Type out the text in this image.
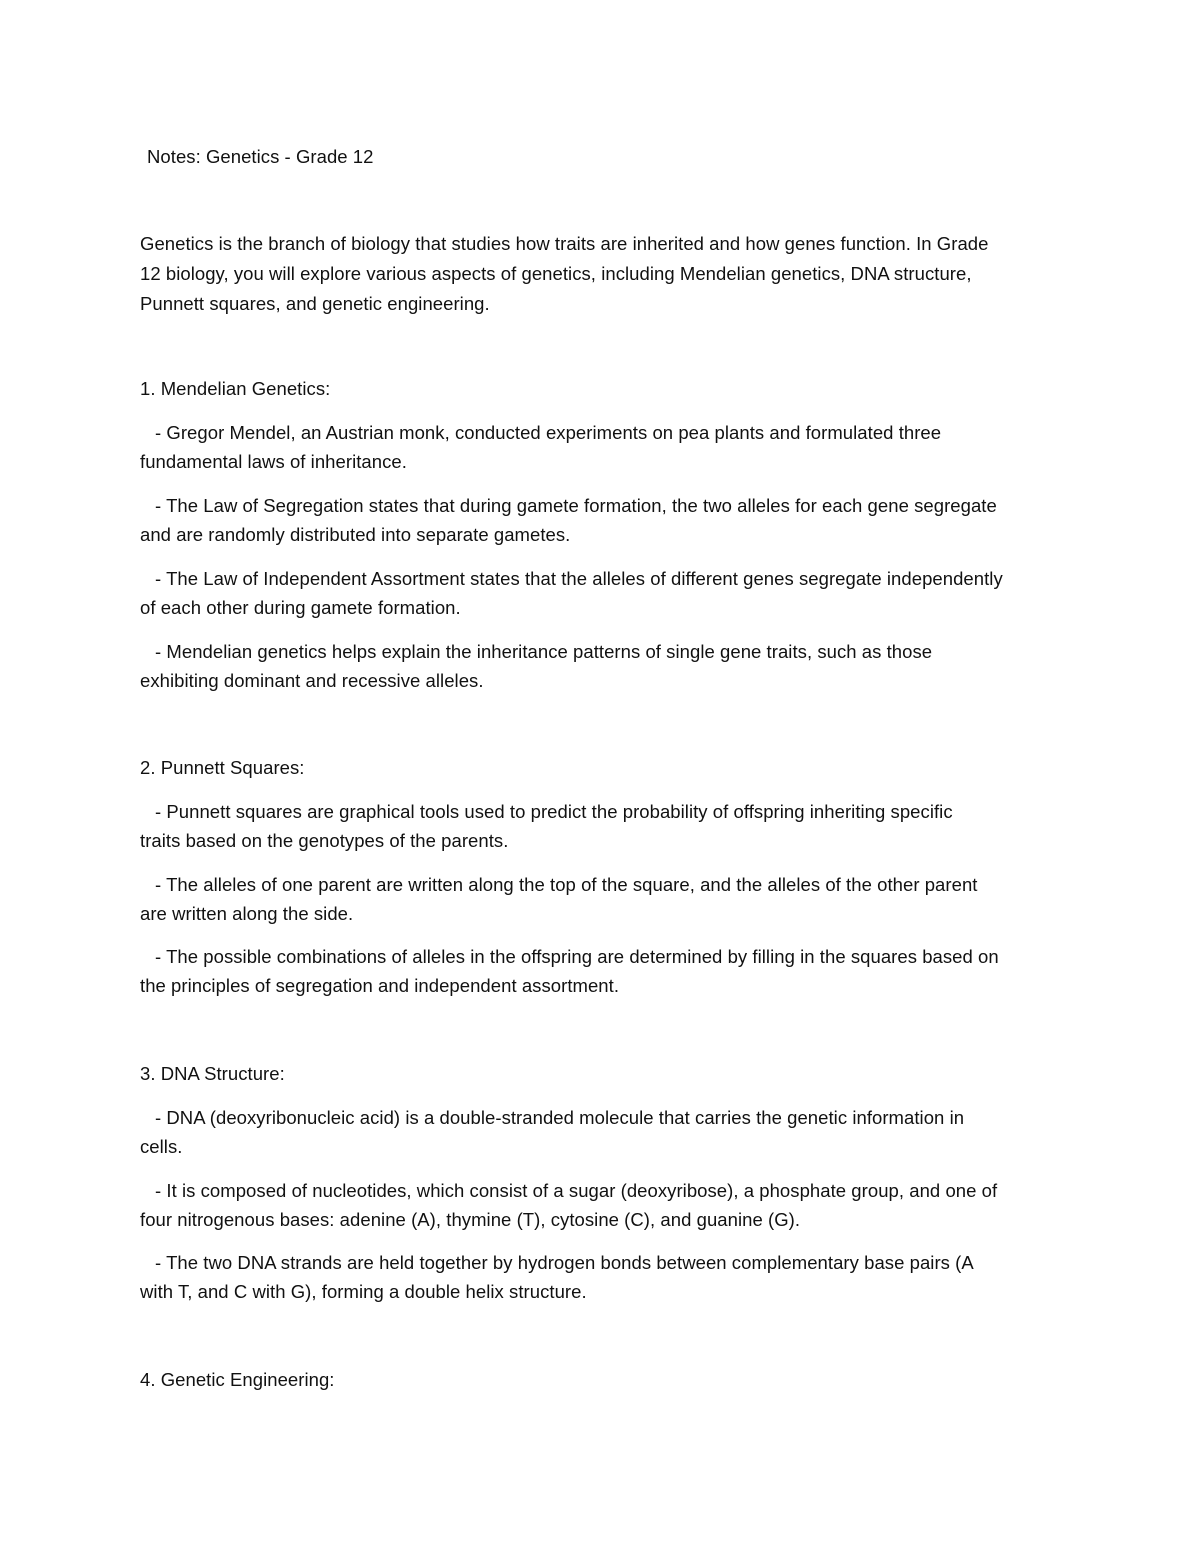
Notes: Genetics - Grade 12
Genetics is the branch of biology that studies how traits are inherited and how genes function. In Grade
12 biology, you will explore various aspects of genetics, including Mendelian genetics, DNA structure,
Punnett squares, and genetic engineering.
1. Mendelian Genetics:
- Gregor Mendel, an Austrian monk, conducted experiments on pea plants and formulated three
fundamental laws of inheritance.
- The Law of Segregation states that during gamete formation, the two alleles for each gene segregate
and are randomly distributed into separate gametes.
- The Law of Independent Assortment states that the alleles of different genes segregate independently
of each other during gamete formation.
- Mendelian genetics helps explain the inheritance patterns of single gene traits, such as those
exhibiting dominant and recessive alleles.
2. Punnett Squares:
- Punnett squares are graphical tools used to predict the probability of offspring inheriting specific
traits based on the genotypes of the parents.
- The alleles of one parent are written along the top of the square, and the alleles of the other parent
are written along the side.
- The possible combinations of alleles in the offspring are determined by filling in the squares based on
the principles of segregation and independent assortment.
3. DNA Structure:
- DNA (deoxyribonucleic acid) is a double-stranded molecule that carries the genetic information in
cells.
- It is composed of nucleotides, which consist of a sugar (deoxyribose), a phosphate group, and one of
four nitrogenous bases: adenine (A), thymine (T), cytosine (C), and guanine (G).
- The two DNA strands are held together by hydrogen bonds between complementary base pairs (A
with T, and C with G), forming a double helix structure.
4. Genetic Engineering:
